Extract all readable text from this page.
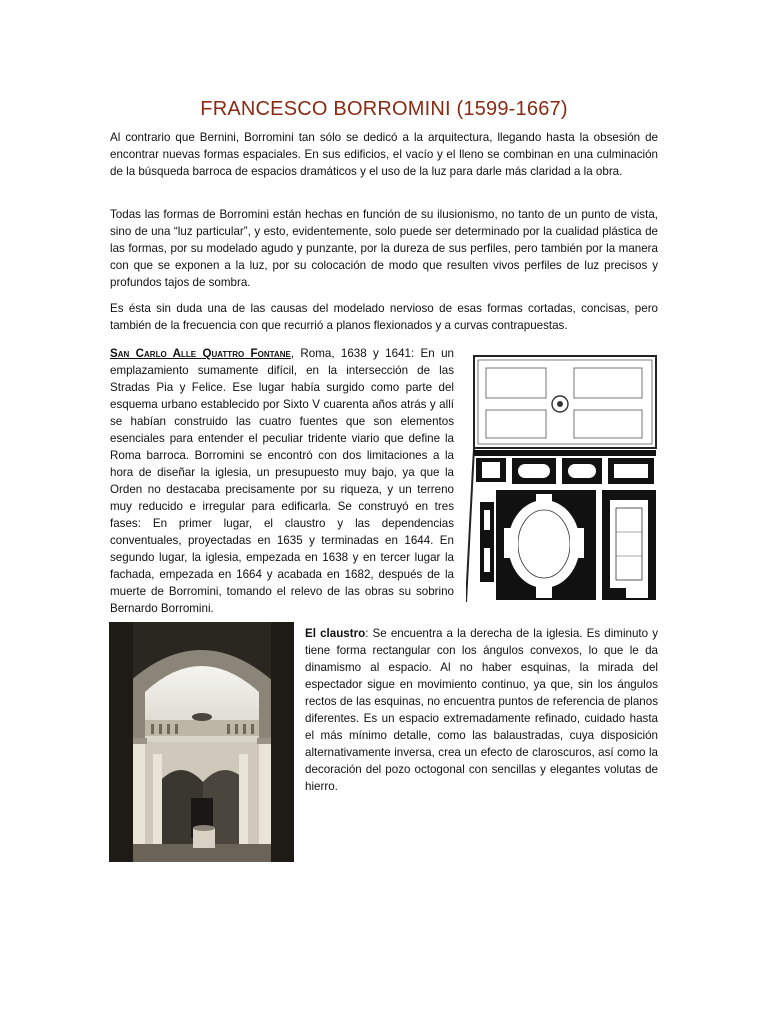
FRANCESCO BORROMINI (1599-1667)

Al contrario que Bernini, Borromini tan sólo se dedicó a la arquitectura, llegando hasta la obsesión de encontrar nuevas formas espaciales. En sus edificios, el vacío y el lleno se combinan en una culminación de la búsqueda barroca de espacios dramáticos y el uso de la luz para darle más claridad a la obra.

Todas las formas de Borromini están hechas en función de su ilusionismo, no tanto de un punto de vista, sino de una “luz particular”, y esto, evidentemente, solo puede ser determinado por la cualidad plástica de las formas, por su modelado agudo y punzante, por la dureza de sus perfiles, pero también por la manera con que se exponen a la luz, por su colocación de modo que resulten vivos perfiles de luz precisos y profundos tajos de sombra.

Es ésta sin duda una de las causas del modelado nervioso de esas formas cortadas, concisas, pero también de la frecuencia con que recurrió a planos flexionados y a curvas contrapuestas.

San Carlo Alle Quattro Fontane, Roma, 1638 y 1641: En un emplazamiento sumamente difícil, en la intersección de las Stradas Pia y Felice. Ese lugar había surgido como parte del esquema urbano establecido por Sixto V cuarenta años atrás y allí se habían construido las cuatro fuentes que son elementos esenciales para entender el peculiar tridente viario que define la Roma barroca. Borromini se encontró con dos limitaciones a la hora de diseñar la iglesia, un presupuesto muy bajo, ya que la Orden no destacaba precisamente por su riqueza, y un terreno muy reducido e irregular para edificarla. Se construyó en tres fases: En primer lugar, el claustro y las dependencias conventuales, proyectadas en 1635 y terminadas en 1644. En segundo lugar, la iglesia, empezada en 1638 y en tercer lugar la fachada, empezada en 1664 y acabada en 1682, después de la muerte de Borromini, tomando el relevo de las obras su sobrino Bernardo Borromini.

El claustro: Se encuentra a la derecha de la iglesia. Es diminuto y tiene forma rectangular con los ángulos convexos, lo que le da dinamismo al espacio. Al no haber esquinas, la mirada del espectador sigue en movimiento continuo, ya que, sin los ángulos rectos de las esquinas, no encuentra puntos de referencia de planos diferentes. Es un espacio extremadamente refinado, cuidado hasta el más mínimo detalle, como las balaustradas, cuya disposición alternativamente inversa, crea un efecto de claroscuros, así como la decoración del pozo octogonal con sencillas y elegantes volutas de hierro.
